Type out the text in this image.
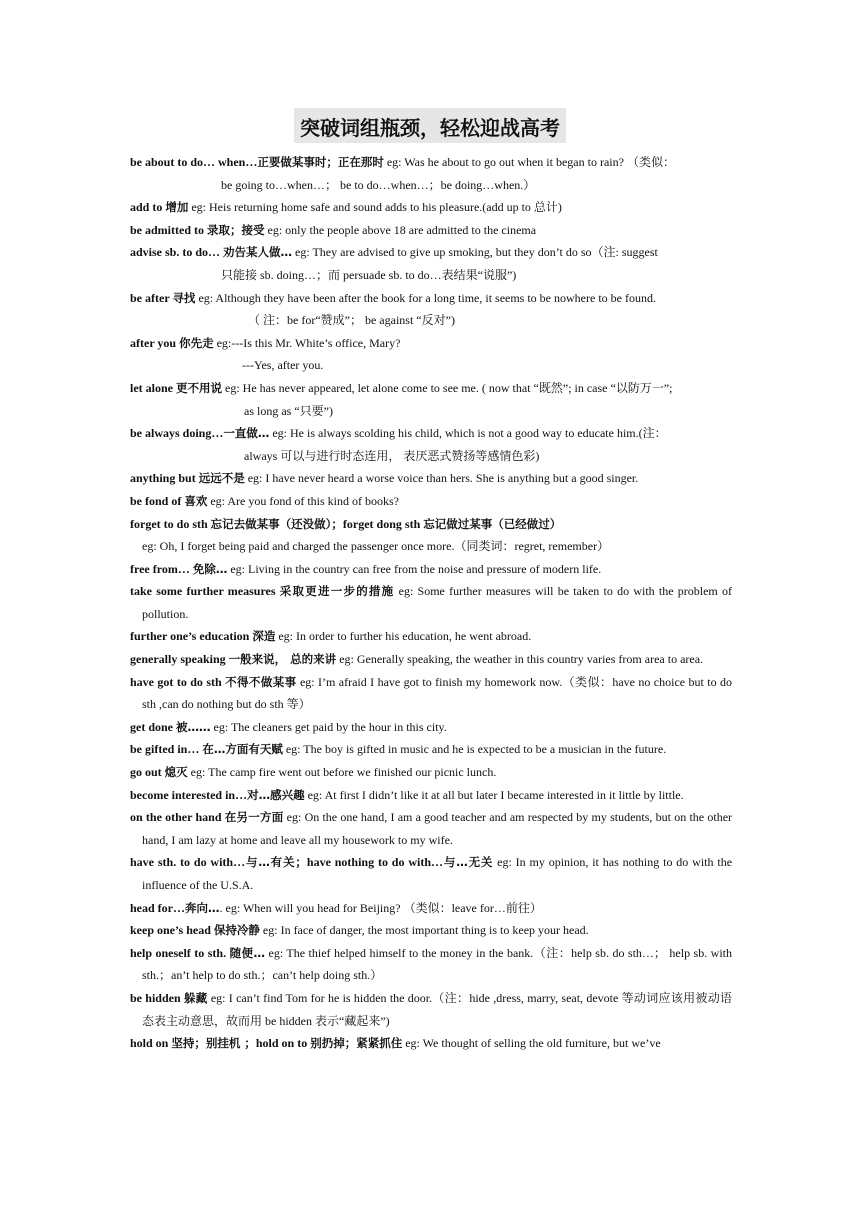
突破词组瓶颈，轻松迎战高考
be about to do… when…正要做某事时；正在那时 eg: Was he about to go out when it began to rain? （类似：
be going to…when…； be to do…when…；be doing…when.）
add to 增加 eg: Heis returning home safe and sound adds to his pleasure.(add up to 总计)
be admitted to 录取；接受 eg: only the people above 18 are admitted to the cinema
advise sb. to do… 劝告某人做… eg: They are advised to give up smoking, but they don’t do so（注: suggest
只能接 sb. doing…；而 persuade sb. to do…表结果“说服”)
be after 寻找 eg: Although they have been after the book for a long time, it seems to be nowhere to be found.
（ 注：be for“赞成”； be against “反对”)
after you 你先走 eg:---Is this Mr. White’s office, Mary?
---Yes, after you.
let alone 更不用说 eg: He has never appeared, let alone come to see me. ( now that “既然”; in case “以防万一”;
as long as “只要”)
be always doing…一直做… eg: He is always scolding his child, which is not a good way to educate him.(注：
always 可以与进行时态连用， 表厌恶式赞扬等感情色彩)
anything but 远远不是 eg: I have never heard a worse voice than hers. She is anything but a good singer.
be fond of 喜欢 eg: Are you fond of this kind of books?
forget to do sth 忘记去做某事（还没做）；forget dong sth 忘记做过某事（已经做过）
eg: Oh, I forget being paid and charged the passenger once more.（同类词：regret, remember）
free from… 免除… eg: Living in the country can free from the noise and pressure of modern life.
take some further measures 采取更进一步的措施 eg: Some further measures will be taken to do with the problem of pollution.
further one’s education 深造 eg: In order to further his education, he went abroad.
generally speaking 一般来说， 总的来讲 eg: Generally speaking, the weather in this country varies from area to area.
have got to do sth 不得不做某事 eg: I’m afraid I have got to finish my homework now.（类似：have no choice but to do sth ,can do nothing but do sth 等）
get done 被…… eg: The cleaners get paid by the hour in this city.
be gifted in… 在…方面有天赋 eg: The boy is gifted in music and he is expected to be a musician in the future.
go out 熄灭 eg: The camp fire went out before we finished our picnic lunch.
become interested in…对…感兴趣 eg: At first I didn’t like it at all but later I became interested in it little by little.
on the other hand 在另一方面 eg: On the one hand, I am a good teacher and am respected by my students, but on the other hand, I am lazy at home and leave all my housework to my wife.
have sth. to do with…与…有关；have nothing to do with…与…无关 eg: In my opinion, it has nothing to do with the influence of the U.S.A.
head for…奔向…. eg: When will you head for Beijing? （类似：leave for…前往）
keep one’s head 保持冷静 eg: In face of danger, the most important thing is to keep your head.
help oneself to sth. 随便… eg: The thief helped himself to the money in the bank.（注：help sb. do sth…； help sb. with sth.；an’t help to do sth.；can’t help doing sth.）
be hidden 躲藏 eg: I can’t find Tom for he is hidden the door.（注：hide ,dress, marry, seat, devote 等动词应该用被动语态表主动意思，故而用 be hidden 表示“藏起来”)
hold on 坚持；别挂机 ；hold on to 别扔掉；紧紧抓住 eg: We thought of selling the old furniture, but we’ve
